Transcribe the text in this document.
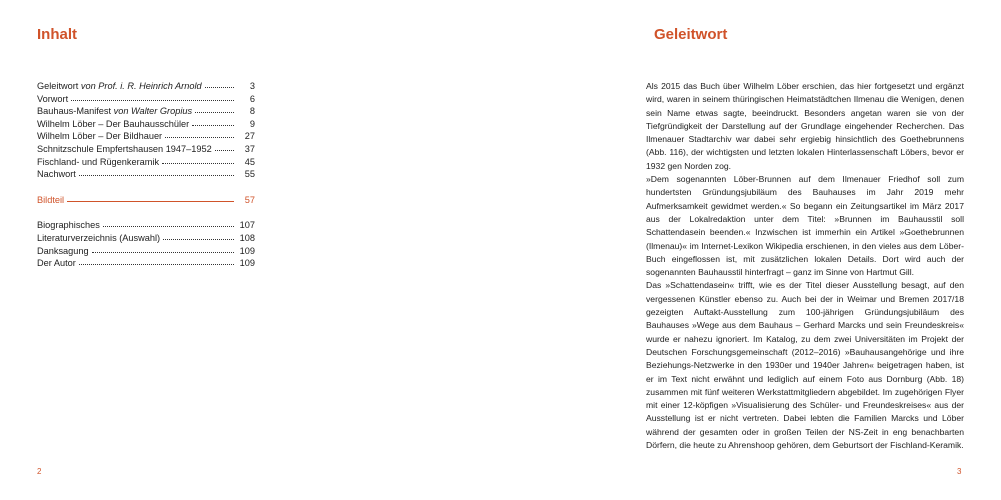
Inhalt
Geleitwort von Prof. i. R. Heinrich Arnold	3
Vorwort	6
Bauhaus-Manifest von Walter Gropius	8
Wilhelm Löber – Der Bauhausschüler	9
Wilhelm Löber – Der Bildhauer	27
Schnitzschule Empfertshausen 1947–1952	37
Fischland- und Rügenkeramik	45
Nachwort	55
Bildteil	57
Biographisches	107
Literaturverzeichnis (Auswahl)	108
Danksagung	109
Der Autor	109
2
Geleitwort

Als 2015 das Buch über Wilhelm Löber erschien, das hier fortgesetzt und ergänzt wird, waren in seinem thüringischen Heimatstädtchen Ilmenau die Wenigen, denen sein Name etwas sagte, beeindruckt. Besonders angetan waren sie von der Tiefgründigkeit der Darstellung auf der Grundlage eingehender Recherchen. Das Ilmenauer Stadtarchiv war dabei sehr ergiebig hinsichtlich des Goethebrunnens (Abb. 116), der wichtigsten und letzten lokalen Hinterlassenschaft Löbers, bevor er 1932 gen Norden zog.

»Dem sogenannten Löber-Brunnen auf dem Ilmenauer Friedhof soll zum hundertsten Gründungsjubiläum des Bauhauses im Jahr 2019 mehr Aufmerksamkeit gewidmet werden.« So begann ein Zeitungsartikel im März 2017 aus der Lokalredaktion unter dem Titel: »Brunnen im Bauhausstil soll Schattendasein beenden.« Inzwischen ist immerhin ein Artikel »Goethebrunnen (Ilmenau)« im Internet-Lexikon Wikipedia erschienen, in den vieles aus dem Löber-Buch eingeflossen ist, mit zusätzlichen lokalen Details. Dort wird auch der sogenannten Bauhausstil hinterfragt – ganz im Sinne von Hartmut Gill.

Das »Schattendasein« trifft, wie es der Titel dieser Ausstellung besagt, auf den vergessenen Künstler ebenso zu. Auch bei der in Weimar und Bremen 2017/18 gezeigten Auftakt-Ausstellung zum 100-jährigen Gründungsjubiläum des Bauhauses »Wege aus dem Bauhaus – Gerhard Marcks und sein Freundeskreis« wurde er nahezu ignoriert. Im Katalog, zu dem zwei Universitäten im Projekt der Deutschen Forschungsgemeinschaft (2012–2016) »Bauhausangehörige und ihre Beziehungs-Netzwerke in den 1930er und 1940er Jahren« beigetragen haben, ist er im Text nicht erwähnt und lediglich auf einem Foto aus Dornburg (Abb. 18) zusammen mit fünf weiteren Werkstattmitgliedern abgebildet. Im zugehörigen Flyer mit einer 12-köpfigen »Visualisierung des Schüler- und Freundeskreises« aus der Ausstellung ist er nicht vertreten. Dabei lebten die Familien Marcks und Löber während der gesamten oder in großen Teilen der NS-Zeit in eng benachbarten Dörfern, die heute zu Ahrenshoop gehören, dem Geburtsort der Fischland-Keramik.

3
